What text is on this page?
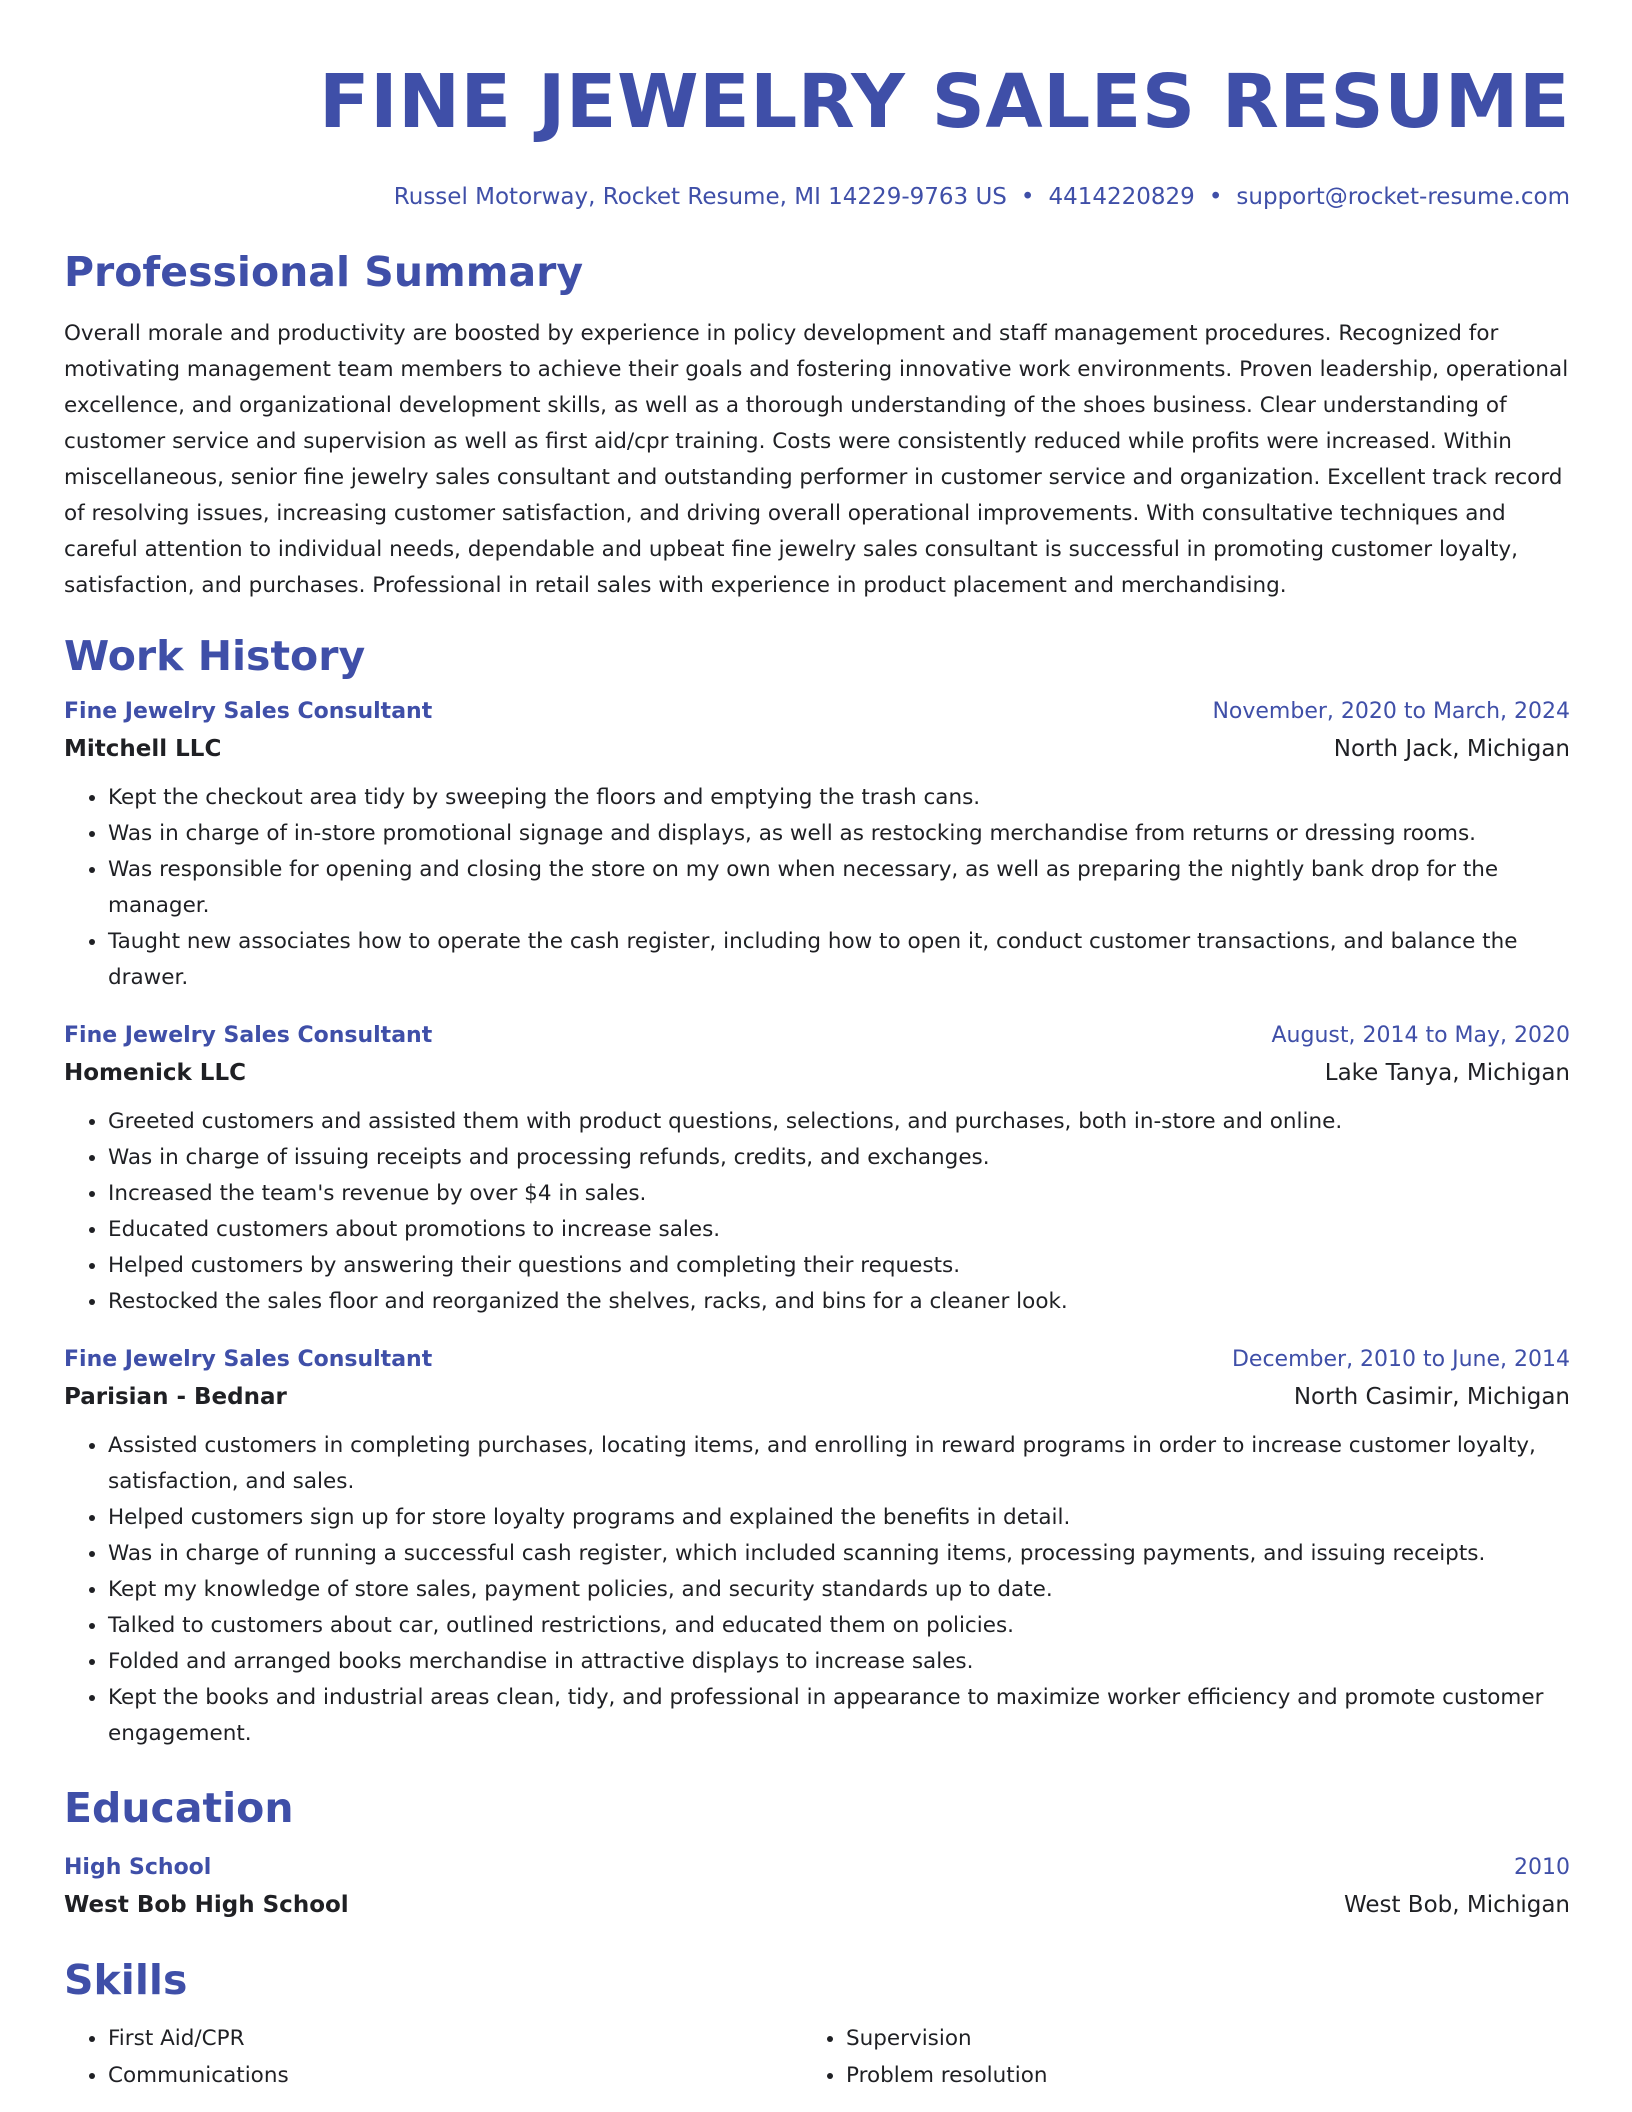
FINE JEWELRY SALES RESUME
Russel Motorway, Rocket Resume, MI 14229-9763 US • 4414220829 • support@rocket-resume.com
Professional Summary
Overall morale and productivity are boosted by experience in policy development and staff management procedures. Recognized for motivating management team members to achieve their goals and fostering innovative work environments. Proven leadership, operational excellence, and organizational development skills, as well as a thorough understanding of the shoes business. Clear understanding of customer service and supervision as well as first aid/cpr training. Costs were consistently reduced while profits were increased. Within miscellaneous, senior fine jewelry sales consultant and outstanding performer in customer service and organization. Excellent track record of resolving issues, increasing customer satisfaction, and driving overall operational improvements. With consultative techniques and careful attention to individual needs, dependable and upbeat fine jewelry sales consultant is successful in promoting customer loyalty, satisfaction, and purchases. Professional in retail sales with experience in product placement and merchandising.
Work History
Fine Jewelry Sales Consultant	November, 2020 to March, 2024
Mitchell LLC	North Jack, Michigan
• Kept the checkout area tidy by sweeping the floors and emptying the trash cans.
• Was in charge of in-store promotional signage and displays, as well as restocking merchandise from returns or dressing rooms.
• Was responsible for opening and closing the store on my own when necessary, as well as preparing the nightly bank drop for the manager.
• Taught new associates how to operate the cash register, including how to open it, conduct customer transactions, and balance the drawer.
Fine Jewelry Sales Consultant	August, 2014 to May, 2020
Homenick LLC	Lake Tanya, Michigan
• Greeted customers and assisted them with product questions, selections, and purchases, both in-store and online.
• Was in charge of issuing receipts and processing refunds, credits, and exchanges.
• Increased the team's revenue by over $4 in sales.
• Educated customers about promotions to increase sales.
• Helped customers by answering their questions and completing their requests.
• Restocked the sales floor and reorganized the shelves, racks, and bins for a cleaner look.
Fine Jewelry Sales Consultant	December, 2010 to June, 2014
Parisian - Bednar	North Casimir, Michigan
• Assisted customers in completing purchases, locating items, and enrolling in reward programs in order to increase customer loyalty, satisfaction, and sales.
• Helped customers sign up for store loyalty programs and explained the benefits in detail.
• Was in charge of running a successful cash register, which included scanning items, processing payments, and issuing receipts.
• Kept my knowledge of store sales, payment policies, and security standards up to date.
• Talked to customers about car, outlined restrictions, and educated them on policies.
• Folded and arranged books merchandise in attractive displays to increase sales.
• Kept the books and industrial areas clean, tidy, and professional in appearance to maximize worker efficiency and promote customer engagement.
Education
High School	2010
West Bob High School	West Bob, Michigan
Skills
• First Aid/CPR
• Communications
• Supervision
• Problem resolution
